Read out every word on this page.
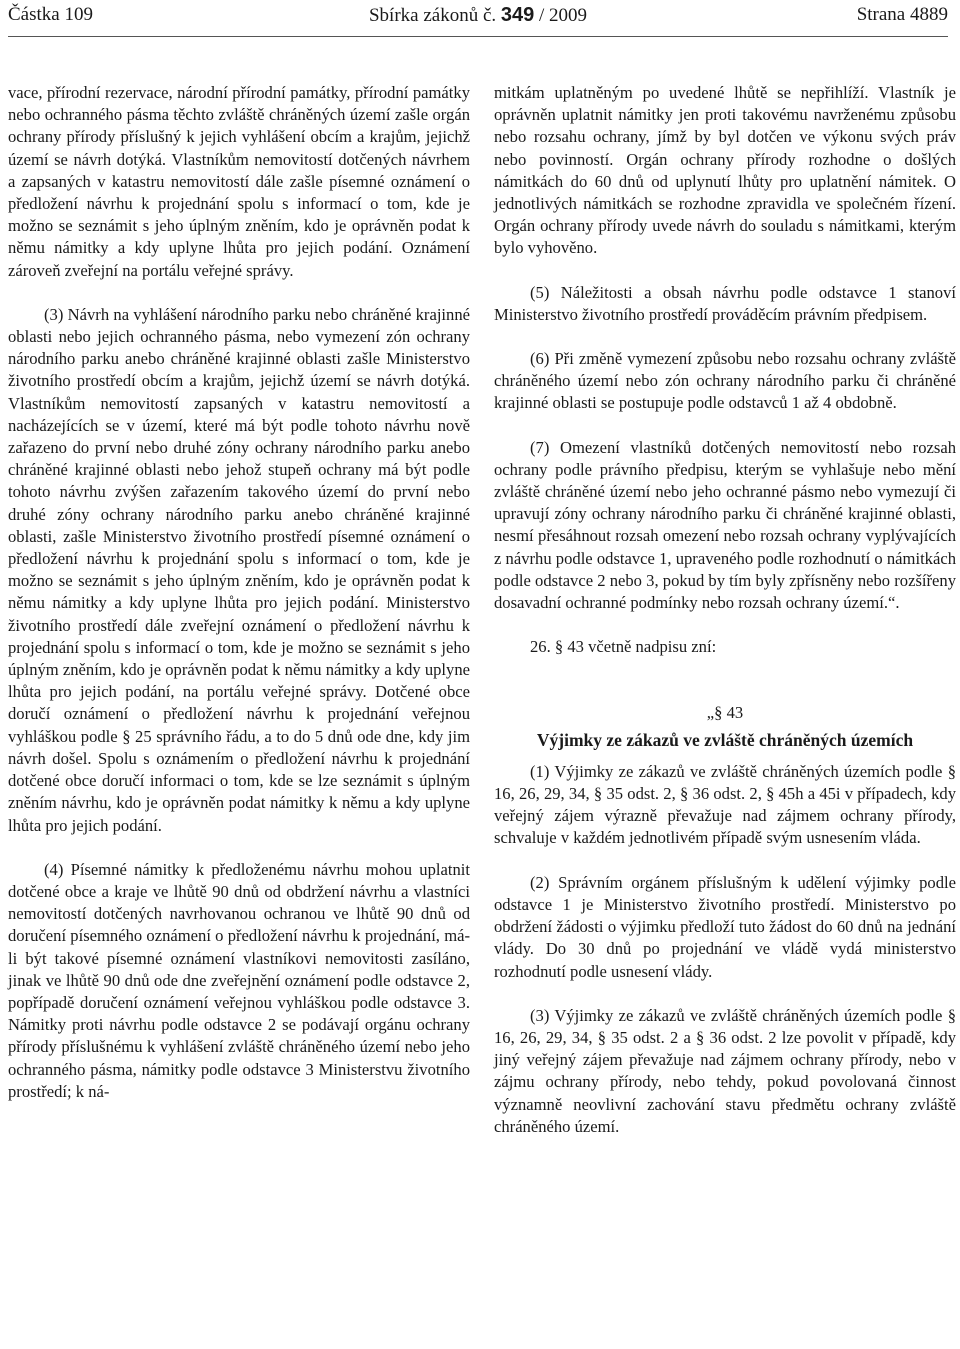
Částka 109	Sbírka zákonů č. 349 / 2009	Strana 4889

vace, přírodní rezervace, národní přírodní památky, přírodní památky nebo ochranného pásma těchto zvláště chráněných území zašle orgán ochrany přírody příslušný k jejich vyhlášení obcím a krajům, jejichž území se návrh dotýká. Vlastníkům nemovitostí dotčených návrhem a zapsaných v katastru nemovitostí dále zašle písemné oznámení o předložení návrhu k projednání spolu s informací o tom, kde je možno se seznámit s jeho úplným zněním, kdo je oprávněn podat k němu námitky a kdy uplyne lhůta pro jejich podání. Oznámení zároveň zveřejní na portálu veřejné správy.

(3) Návrh na vyhlášení národního parku nebo chráněné krajinné oblasti nebo jejich ochranného pásma, nebo vymezení zón ochrany národního parku anebo chráněné krajinné oblasti zašle Ministerstvo životního prostředí obcím a krajům, jejichž území se návrh dotýká. Vlastníkům nemovitostí zapsaných v katastru nemovitostí a nacházejících se v území, které má být podle tohoto návrhu nově zařazeno do první nebo druhé zóny ochrany národního parku anebo chráněné krajinné oblasti nebo jehož stupeň ochrany má být podle tohoto návrhu zvýšen zařazením takového území do první nebo druhé zóny ochrany národního parku anebo chráněné krajinné oblasti, zašle Ministerstvo životního prostředí písemné oznámení o předložení návrhu k projednání spolu s informací o tom, kde je možno se seznámit s jeho úplným zněním, kdo je oprávněn podat k němu námitky a kdy uplyne lhůta pro jejich podání. Ministerstvo životního prostředí dále zveřejní oznámení o předložení návrhu k projednání spolu s informací o tom, kde je možno se seznámit s jeho úplným zněním, kdo je oprávněn podat k němu námitky a kdy uplyne lhůta pro jejich podání, na portálu veřejné správy. Dotčené obce doručí oznámení o předložení návrhu k projednání veřejnou vyhláškou podle § 25 správního řádu, a to do 5 dnů ode dne, kdy jim návrh došel. Spolu s oznámením o předložení návrhu k projednání dotčené obce doručí informaci o tom, kde se lze seznámit s úplným zněním návrhu, kdo je oprávněn podat námitky k němu a kdy uplyne lhůta pro jejich podání.

(4) Písemné námitky k předloženému návrhu mohou uplatnit dotčené obce a kraje ve lhůtě 90 dnů od obdržení návrhu a vlastníci nemovitostí dotčených navrhovanou ochranou ve lhůtě 90 dnů od doručení písemného oznámení o předložení návrhu k projednání, má-li být takové písemné oznámení vlastníkovi nemovitosti zasíláno, jinak ve lhůtě 90 dnů ode dne zveřejnění oznámení podle odstavce 2, popřípadě doručení oznámení veřejnou vyhláškou podle odstavce 3. Námitky proti návrhu podle odstavce 2 se podávají orgánu ochrany přírody příslušnému k vyhlášení zvláště chráněného území nebo jeho ochranného pásma, námitky podle odstavce 3 Ministerstvu životního prostředí; k ná-

mitkám uplatněným po uvedené lhůtě se nepřihlíží. Vlastník je oprávněn uplatnit námitky jen proti takovému navrženému způsobu nebo rozsahu ochrany, jímž by byl dotčen ve výkonu svých práv nebo povinností. Orgán ochrany přírody rozhodne o došlých námitkách do 60 dnů od uplynutí lhůty pro uplatnění námitek. O jednotlivých námitkách se rozhodne zpravidla ve společném řízení. Orgán ochrany přírody uvede návrh do souladu s námitkami, kterým bylo vyhověno.

(5) Náležitosti a obsah návrhu podle odstavce 1 stanoví Ministerstvo životního prostředí prováděcím právním předpisem.

(6) Při změně vymezení způsobu nebo rozsahu ochrany zvláště chráněného území nebo zón ochrany národního parku či chráněné krajinné oblasti se postupuje podle odstavců 1 až 4 obdobně.

(7) Omezení vlastníků dotčených nemovitostí nebo rozsah ochrany podle právního předpisu, kterým se vyhlašuje nebo mění zvláště chráněné území nebo jeho ochranné pásmo nebo vymezují či upravují zóny ochrany národního parku či chráněné krajinné oblasti, nesmí přesáhnout rozsah omezení nebo rozsah ochrany vyplývajících z návrhu podle odstavce 1, upraveného podle rozhodnutí o námitkách podle odstavce 2 nebo 3, pokud by tím byly zpřísněny nebo rozšířeny dosavadní ochranné podmínky nebo rozsah ochrany území.“.

26. § 43 včetně nadpisu zní:

„§ 43

Výjimky ze zákazů ve zvláště chráněných územích

(1) Výjimky ze zákazů ve zvláště chráněných územích podle § 16, 26, 29, 34, § 35 odst. 2, § 36 odst. 2, § 45h a 45i v případech, kdy veřejný zájem výrazně převažuje nad zájmem ochrany přírody, schvaluje v každém jednotlivém případě svým usnesením vláda.

(2) Správním orgánem příslušným k udělení výjimky podle odstavce 1 je Ministerstvo životního prostředí. Ministerstvo po obdržení žádosti o výjimku předloží tuto žádost do 60 dnů na jednání vlády. Do 30 dnů po projednání ve vládě vydá ministerstvo rozhodnutí podle usnesení vlády.

(3) Výjimky ze zákazů ve zvláště chráněných územích podle § 16, 26, 29, 34, § 35 odst. 2 a § 36 odst. 2 lze povolit v případě, kdy jiný veřejný zájem převažuje nad zájmem ochrany přírody, nebo v zájmu ochrany přírody, nebo tehdy, pokud povolovaná činnost významně neovlivní zachování stavu předmětu ochrany zvláště chráněného území.
